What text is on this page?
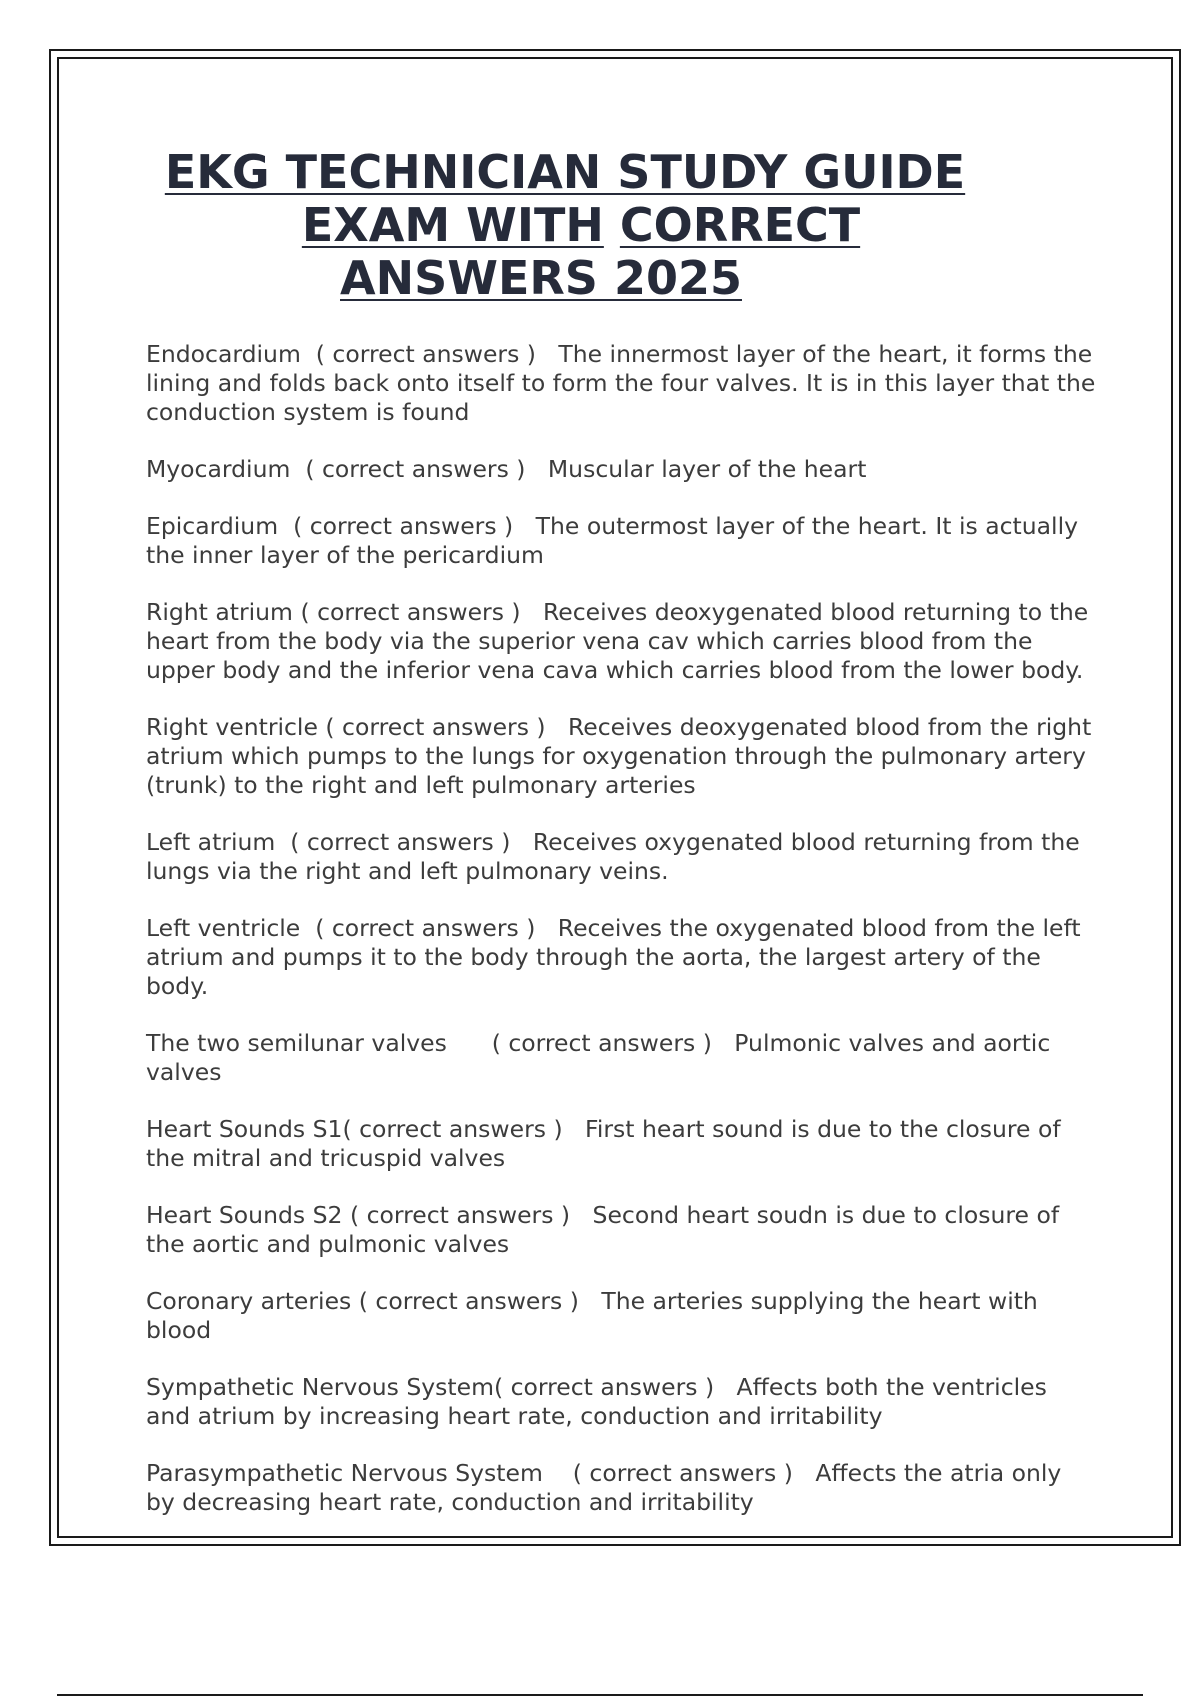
EKG TECHNICIAN STUDY GUIDE
EXAM WITH CORRECT
ANSWERS 2025

Endocardium ( correct answers ) The innermost layer of the heart, it forms the lining and folds back onto itself to form the four valves. It is in this layer that the conduction system is found

Myocardium ( correct answers ) Muscular layer of the heart

Epicardium ( correct answers ) The outermost layer of the heart. It is actually the inner layer of the pericardium

Right atrium ( correct answers ) Receives deoxygenated blood returning to the heart from the body via the superior vena cav which carries blood from the upper body and the inferior vena cava which carries blood from the lower body.

Right ventricle ( correct answers ) Receives deoxygenated blood from the right atrium which pumps to the lungs for oxygenation through the pulmonary artery (trunk) to the right and left pulmonary arteries

Left atrium ( correct answers ) Receives oxygenated blood returning from the lungs via the right and left pulmonary veins.

Left ventricle ( correct answers ) Receives the oxygenated blood from the left atrium and pumps it to the body through the aorta, the largest artery of the body.

The two semilunar valves ( correct answers ) Pulmonic valves and aortic valves

Heart Sounds S1( correct answers ) First heart sound is due to the closure of the mitral and tricuspid valves

Heart Sounds S2 ( correct answers ) Second heart soudn is due to closure of the aortic and pulmonic valves

Coronary arteries ( correct answers ) The arteries supplying the heart with blood

Sympathetic Nervous System( correct answers ) Affects both the ventricles and atrium by increasing heart rate, conduction and irritability

Parasympathetic Nervous System ( correct answers ) Affects the atria only by decreasing heart rate, conduction and irritability
